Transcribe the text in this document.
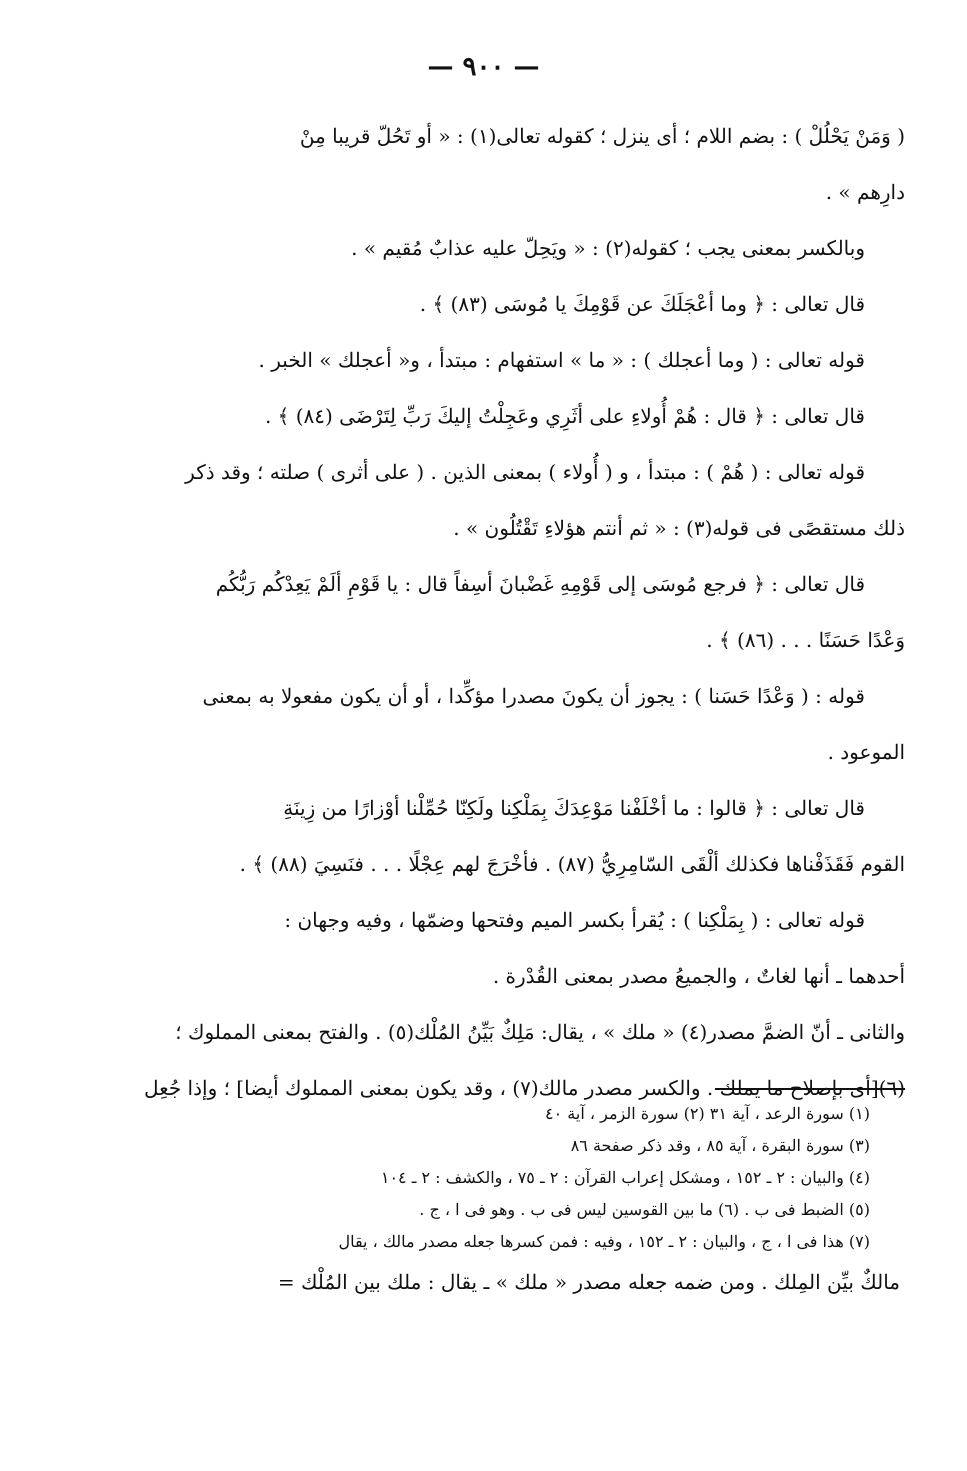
— ٩٠٠ —
( وَمَنْ يَحْلُلْ ) : بضم اللام ؛ أى ينزل ؛ كقوله تعالى(١) : « أو تَحُلّ قريبا مِنْ
دارِهم » .
وبالكسر بمعنى يجب ؛ كقوله(٢) : « ويَحِلّ عليه عذابٌ مُقيم » .
قال تعالى : ﴿ وما أعْجَلَكَ عن قَوْمِكَ يا مُوسَى (٨٣) ﴾ .
قوله تعالى : ( وما أعجلك ) : « ما » استفهام : مبتدأ ، و« أعجلك » الخبر .
قال تعالى : ﴿ قال : هُمْ أُولاءِ على أثَرِي وعَجِلْتُ إليكَ رَبِّ لِتَرْضَى (٨٤) ﴾ .
قوله تعالى : ( هُمْ ) : مبتدأ ، و ( أُولاء ) بمعنى الذين . ( على أثرى ) صلته ؛ وقد ذكر
ذلك مستقصًى فى قوله(٣) : « ثم أنتم هؤلاءِ تَقْتُلُون » .
قال تعالى : ﴿ فرجع مُوسَى إلى قَوْمِهِ غَضْبانَ أسِفاً قال : يا قَوْمِ ألَمْ يَعِدْكُم رَبُّكُم
وَعْدًا حَسَنًا . . . (٨٦) ﴾ .
قوله : ( وَعْدًا حَسَنا ) : يجوز أن يكونَ مصدرا مؤكِّدا ، أو أن يكون مفعولا به بمعنى
الموعود .
قال تعالى : ﴿ قالوا : ما أخْلَفْنا مَوْعِدَكَ بِمَلْكِنا ولَكِنّا حُمِّلْنا أوْزارًا من زِينَةِ
القوم فَقَذَفْناها فكذلك ألْقَى السّامِرِيُّ (٨٧) . فأخْرَجَ لهم عِجْلًا . . . فنَسِيَ (٨٨) ﴾ .
قوله تعالى : ( بِمَلْكِنا ) : يُقرأ بكسر الميم وفتحها وضمّها ، وفيه وجهان :
أحدهما ـ أنها لغاتٌ ، والجميعُ مصدر بمعنى القُدْرة .
والثانى ـ أنّ الضمَّ مصدر(٤) « ملك » ، يقال: مَلِكٌ بَيِّنُ المُلْك(٥) . والفتح بمعنى المملوك ؛
(٦)[أى بإصلاح ما يملك . والكسر مصدر مالك(٧) ، وقد يكون بمعنى المملوك أيضا] ؛ وإذا جُعِل
(١) سورة الرعد ، آية ٣١ (٢) سورة الزمر ، آية ٤٠
(٣) سورة البقرة ، آية ٨٥ ، وقد ذكر صفحة ٨٦
(٤) والبيان : ٢ ـ ١٥٢ ، ومشكل إعراب القرآن : ٢ ـ ٧٥ ، والكشف : ٢ ـ ١٠٤
(٥) الضبط فى ب . (٦) ما بين القوسين ليس فى ب . وهو فى ا ، ج .
(٧) هذا فى ا ، ج ، والبيان : ٢ ـ ١٥٢ ، وفيه : فمن كسرها جعله مصدر مالك ، يقال
مالكٌ بيِّن المِلك . ومن ضمه جعله مصدر « ملك » ـ يقال : ملك بين المُلْك =
